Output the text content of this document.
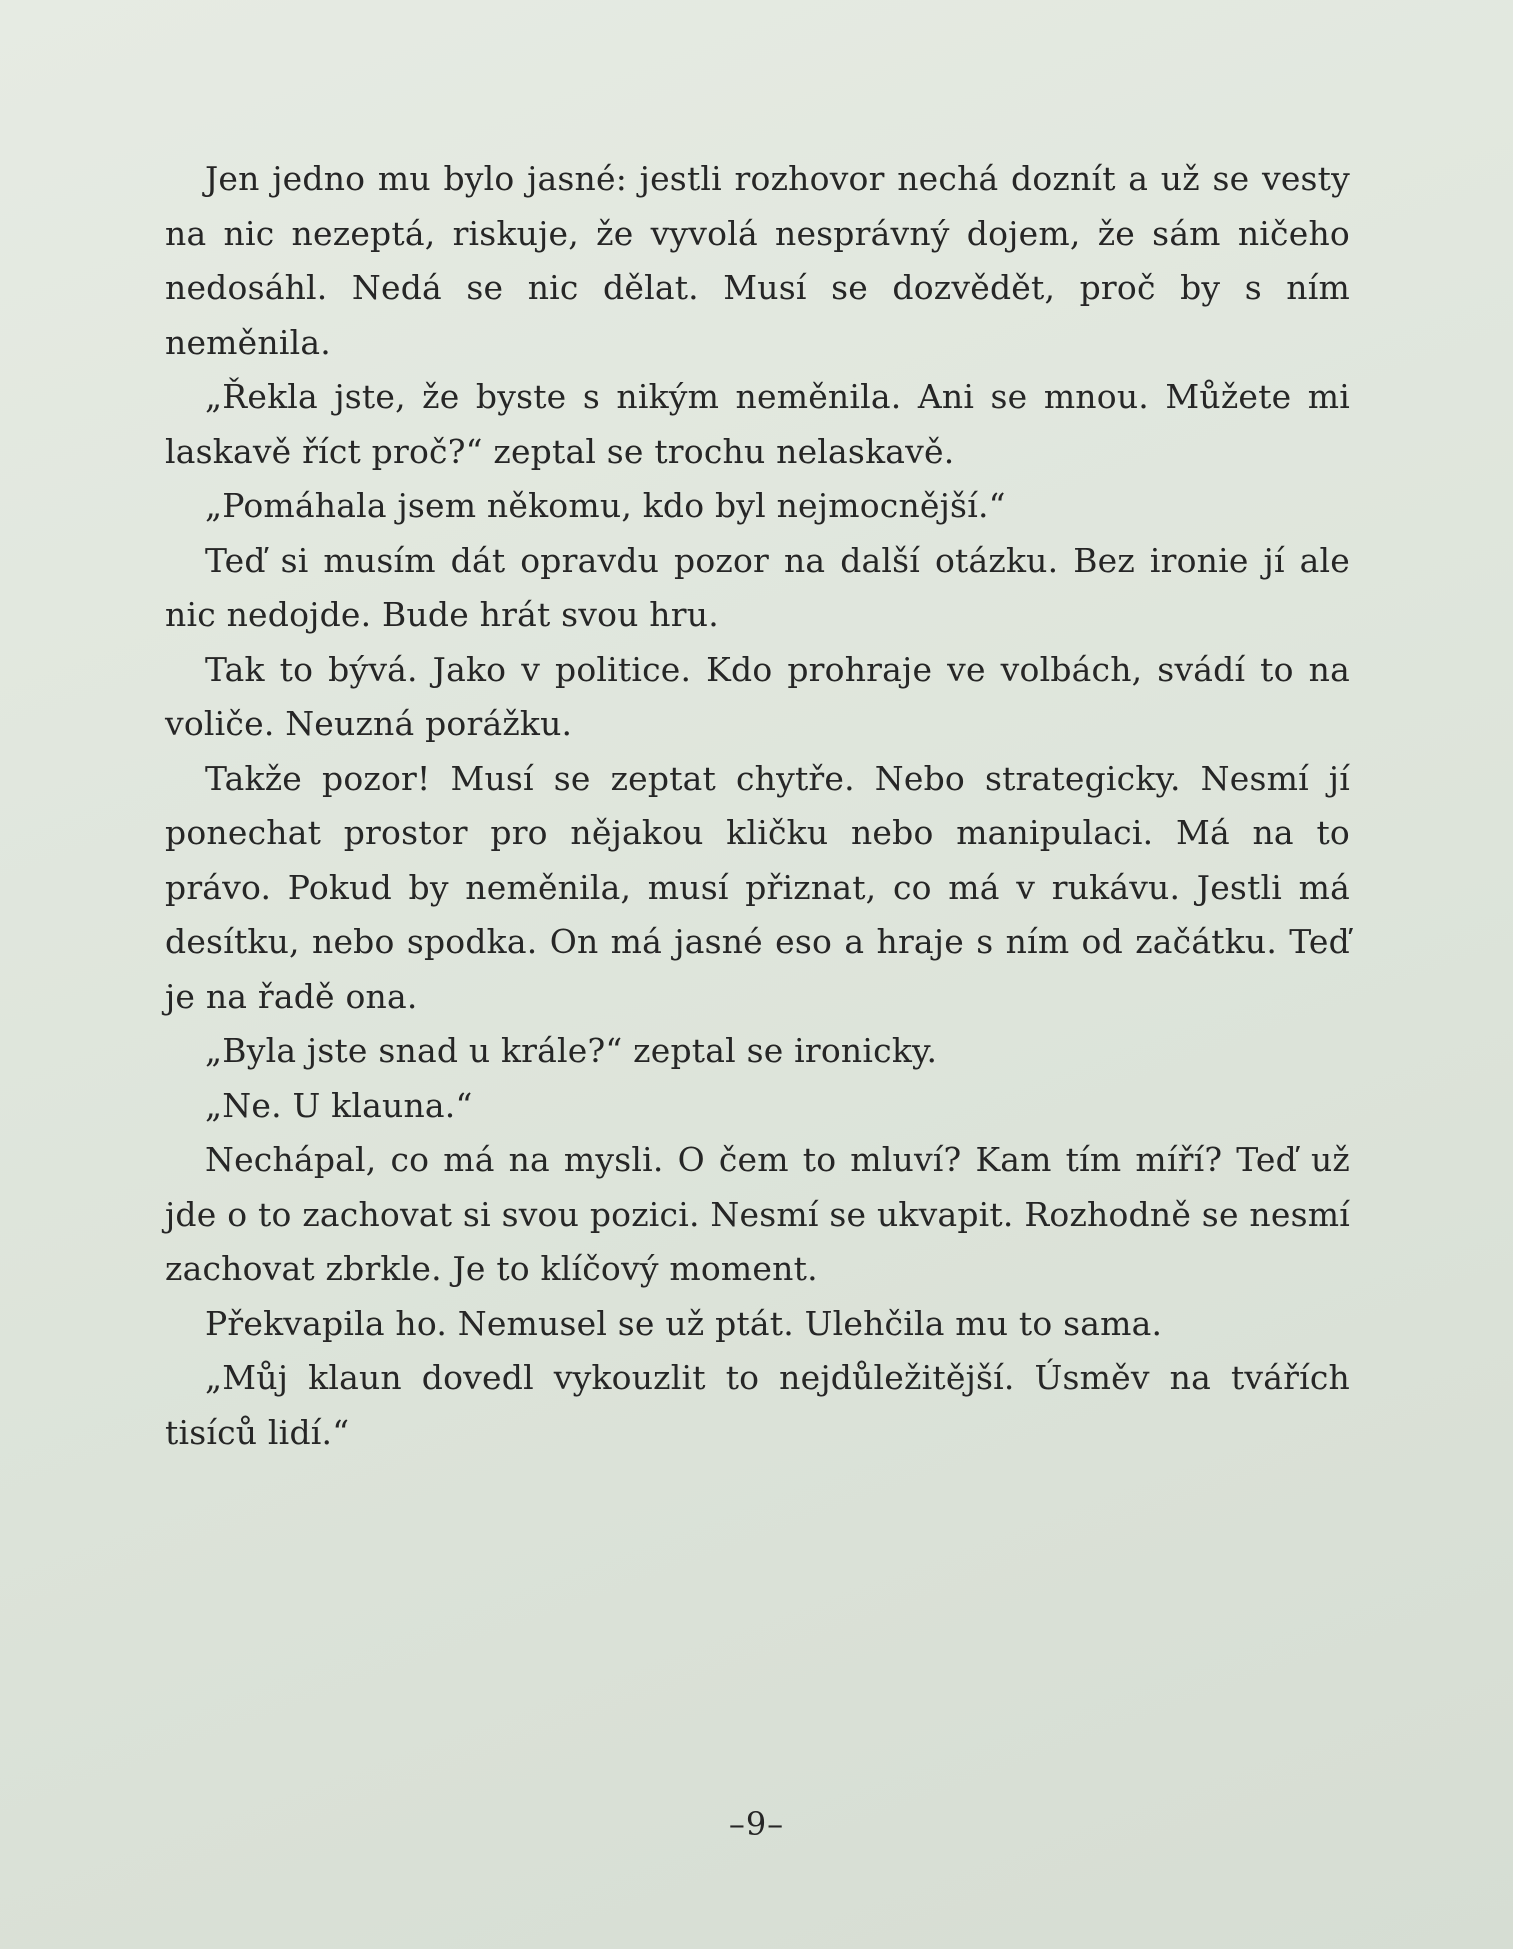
Jen jedno mu bylo jasné: jestli rozhovor nechá doznít a už se vesty na nic nezeptá, riskuje, že vyvolá nesprávný dojem, že sám ničeho nedosáhl. Nedá se nic dělat. Musí se dozvědět, proč by s ním neměnila.

„Řekla jste, že byste s nikým neměnila. Ani se mnou. Můžete mi laskavě říct proč?“ zeptal se trochu nelaskavě.

„Pomáhala jsem někomu, kdo byl nejmocnější.“

Teď si musím dát opravdu pozor na další otázku. Bez ironie jí ale nic nedojde. Bude hrát svou hru.

Tak to bývá. Jako v politice. Kdo prohraje ve volbách, svádí to na voliče. Neuzná porážku.

Takže pozor! Musí se zeptat chytře. Nebo strategicky. Nesmí jí ponechat prostor pro nějakou kličku nebo manipulaci. Má na to právo. Pokud by neměnila, musí přiznat, co má v rukávu. Jestli má desítku, nebo spodka. On má jasné eso a hraje s ním od začátku. Teď je na řadě ona.

„Byla jste snad u krále?“ zeptal se ironicky.

„Ne. U klauna.“

Nechápal, co má na mysli. O čem to mluví? Kam tím míří? Teď už jde o to zachovat si svou pozici. Nesmí se ukvapit. Rozhodně se nesmí zachovat zbrkle. Je to klíčový moment.

Překvapila ho. Nemusel se už ptát. Ulehčila mu to sama.

„Můj klaun dovedl vykouzlit to nejdůležitější. Úsměv na tvářích tisíců lidí.“

–9–
